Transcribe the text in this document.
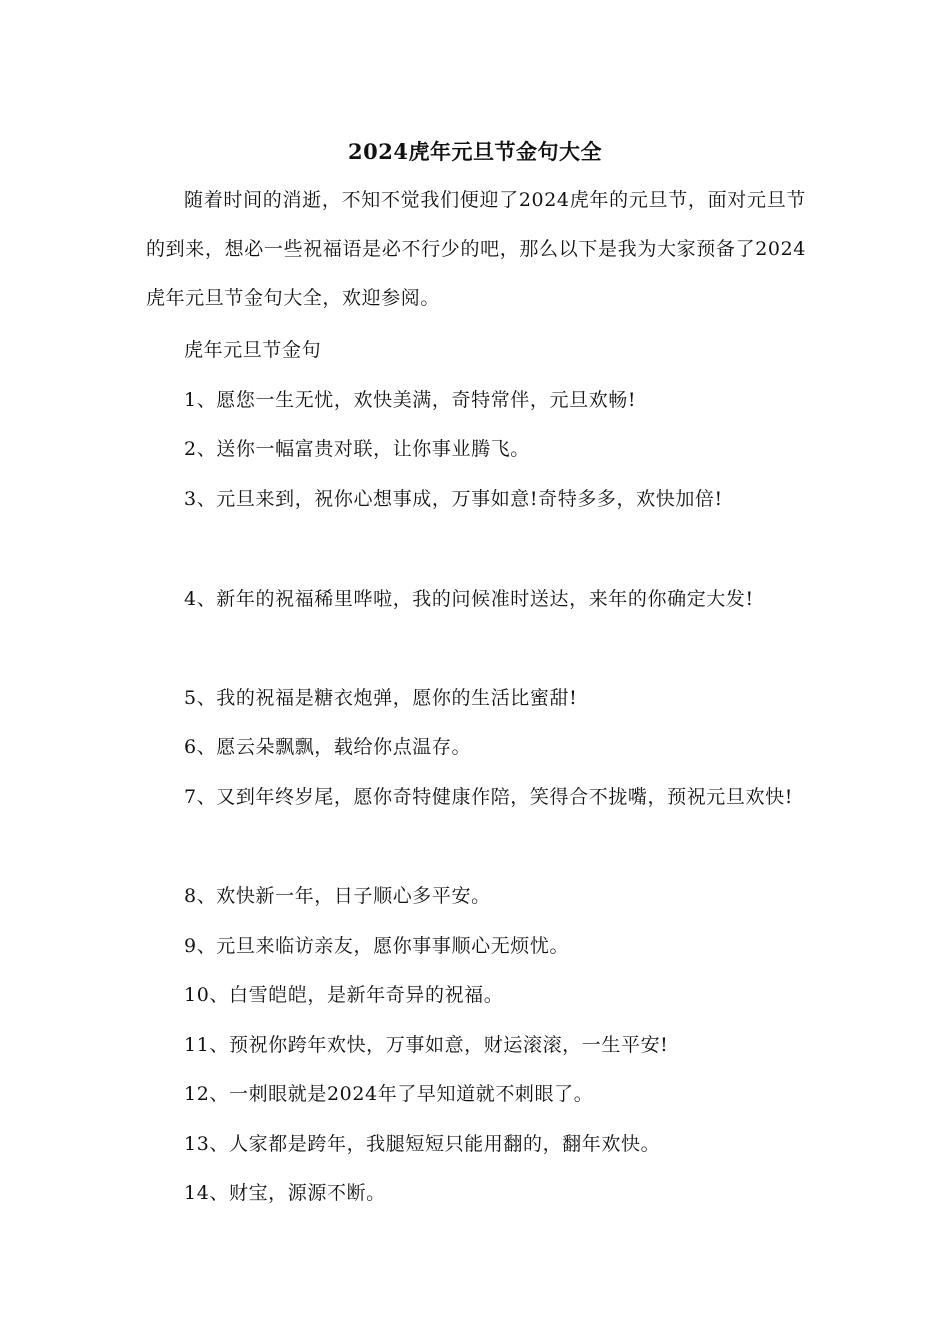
2024虎年元旦节金句大全
随着时间的消逝，不知不觉我们便迎了2024虎年的元旦节，面对元旦节的到来，想必一些祝福语是必不行少的吧，那么以下是我为大家预备了2024虎年元旦节金句大全，欢迎参阅。
虎年元旦节金句
1、愿您一生无忧，欢快美满，奇特常伴，元旦欢畅!
2、送你一幅富贵对联，让你事业腾飞。
3、元旦来到，祝你心想事成，万事如意!奇特多多，欢快加倍!
4、新年的祝福稀里哗啦，我的问候准时送达，来年的你确定大发!
5、我的祝福是糖衣炮弹，愿你的生活比蜜甜!
6、愿云朵飘飘，载给你点温存。
7、又到年终岁尾，愿你奇特健康作陪，笑得合不拢嘴，预祝元旦欢快!
8、欢快新一年，日子顺心多平安。
9、元旦来临访亲友，愿你事事顺心无烦忧。
10、白雪皑皑，是新年奇异的祝福。
11、预祝你跨年欢快，万事如意，财运滚滚，一生平安!
12、一刺眼就是2024年了早知道就不刺眼了。
13、人家都是跨年，我腿短短只能用翻的，翻年欢快。
14、财宝，源源不断。
